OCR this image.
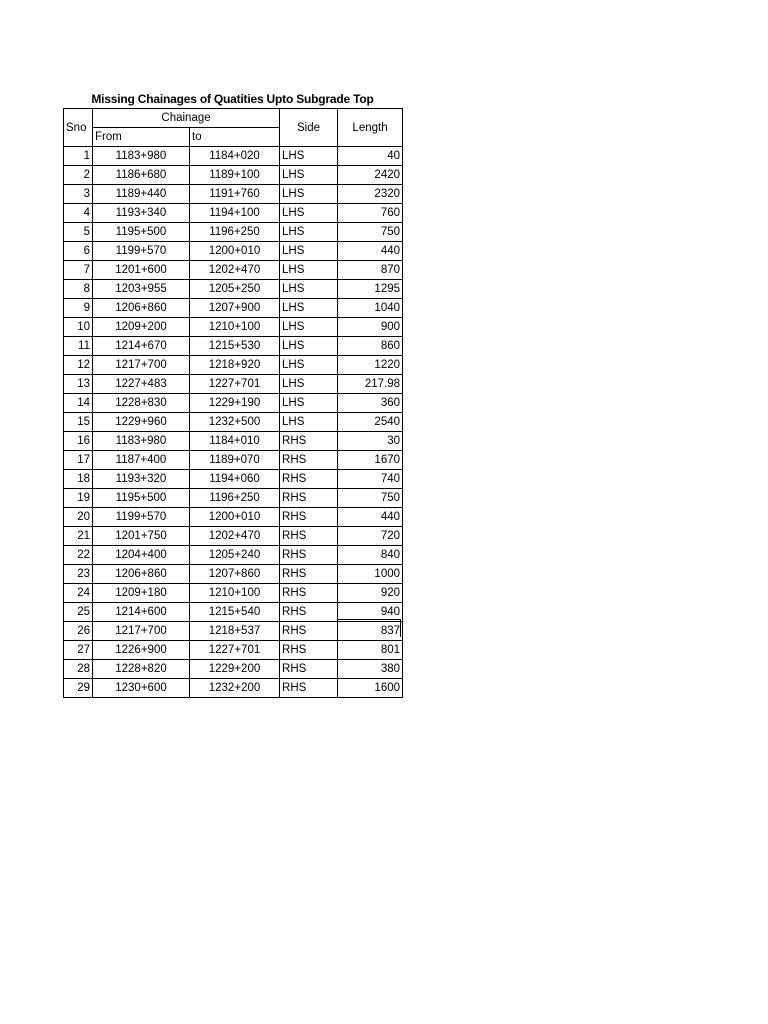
Missing Chainages of Quatities Upto Subgrade Top
Sno	Chainage		Side	Length
	From	to		
1	1183+980	1184+020	LHS	40
2	1186+680	1189+100	LHS	2420
3	1189+440	1191+760	LHS	2320
4	1193+340	1194+100	LHS	760
5	1195+500	1196+250	LHS	750
6	1199+570	1200+010	LHS	440
7	1201+600	1202+470	LHS	870
8	1203+955	1205+250	LHS	1295
9	1206+860	1207+900	LHS	1040
10	1209+200	1210+100	LHS	900
11	1214+670	1215+530	LHS	860
12	1217+700	1218+920	LHS	1220
13	1227+483	1227+701	LHS	217.98
14	1228+830	1229+190	LHS	360
15	1229+960	1232+500	LHS	2540
16	1183+980	1184+010	RHS	30
17	1187+400	1189+070	RHS	1670
18	1193+320	1194+060	RHS	740
19	1195+500	1196+250	RHS	750
20	1199+570	1200+010	RHS	440
21	1201+750	1202+470	RHS	720
22	1204+400	1205+240	RHS	840
23	1206+860	1207+860	RHS	1000
24	1209+180	1210+100	RHS	920
25	1214+600	1215+540	RHS	940
26	1217+700	1218+537	RHS	837
27	1226+900	1227+701	RHS	801
28	1228+820	1229+200	RHS	380
29	1230+600	1232+200	RHS	1600
